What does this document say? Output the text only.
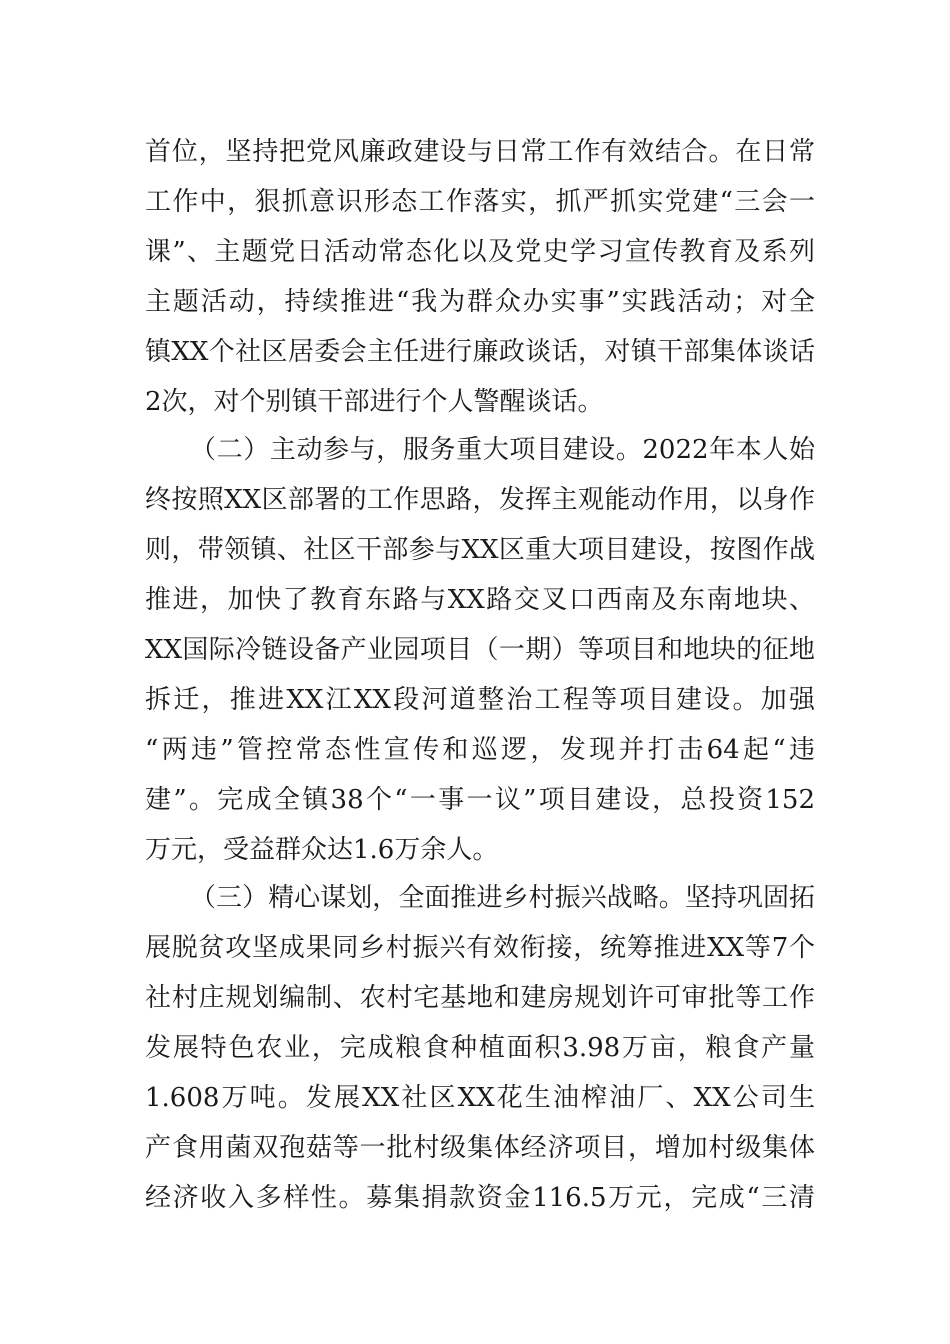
首位，坚持把党风廉政建设与日常工作有效结合。在日常
工作中，狠抓意识形态工作落实，抓严抓实党建“三会一
课”、主题党日活动常态化以及党史学习宣传教育及系列
主题活动，持续推进“我为群众办实事”实践活动；对全
镇XX个社区居委会主任进行廉政谈话，对镇干部集体谈话
2次，对个别镇干部进行个人警醒谈话。
（二）主动参与，服务重大项目建设。2022年本人始
终按照XX区部署的工作思路，发挥主观能动作用，以身作
则，带领镇、社区干部参与XX区重大项目建设，按图作战
推进，加快了教育东路与XX路交叉口西南及东南地块、
XX国际冷链设备产业园项目（一期）等项目和地块的征地
拆迁，推进XX江XX段河道整治工程等项目建设。加强
“两违”管控常态性宣传和巡逻，发现并打击64起“违
建”。完成全镇38个“一事一议”项目建设，总投资152
万元，受益群众达1.6万余人。
（三）精心谋划，全面推进乡村振兴战略。坚持巩固拓
展脱贫攻坚成果同乡村振兴有效衔接，统筹推进XX等7个
社村庄规划编制、农村宅基地和建房规划许可审批等工作
发展特色农业，完成粮食种植面积3.98万亩，粮食产量
1.608万吨。发展XX社区XX花生油榨油厂、XX公司生
产食用菌双孢菇等一批村级集体经济项目，增加村级集体
经济收入多样性。募集捐款资金116.5万元，完成“三清
